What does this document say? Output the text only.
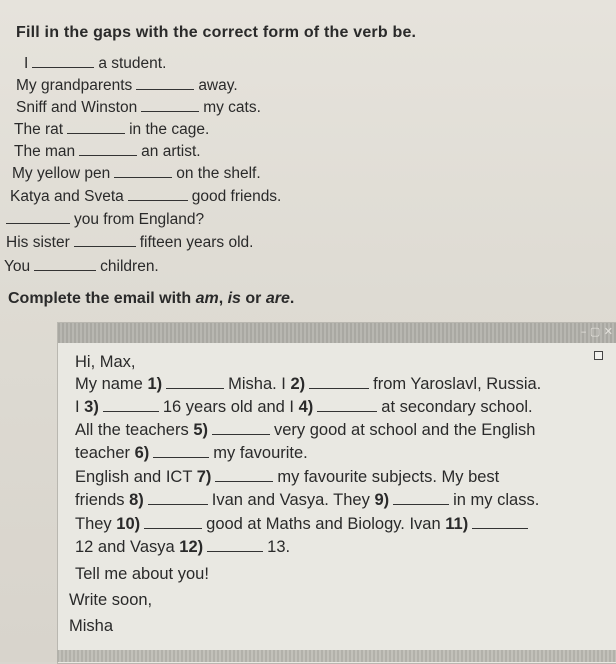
Fill in the gaps with the correct form of the verb be.
I	a student.
My grandparents	away.
Sniff and Winston	my cats.
The rat	in the cage.
The man	an artist.
My yellow pen	on the shelf.
Katya and Sveta	good friends.
you from England?
His sister	fifteen years old.
You	children.
Complete the email with am, is or are.
– ▢ ✕
Hi, Max,
My name 1)	Misha. I 2)	from Yaroslavl, Russia.
I 3)	16 years old and I 4)	at secondary school.
All the teachers 5)	very good at school and the English
teacher 6)	my favourite.
English and ICT 7)	my favourite subjects. My best
friends 8)	Ivan and Vasya. They 9)	in my class.
They 10)	good at Maths and Biology. Ivan 11)
12 and Vasya 12)	13.
Tell me about you!
Write soon,
Misha
